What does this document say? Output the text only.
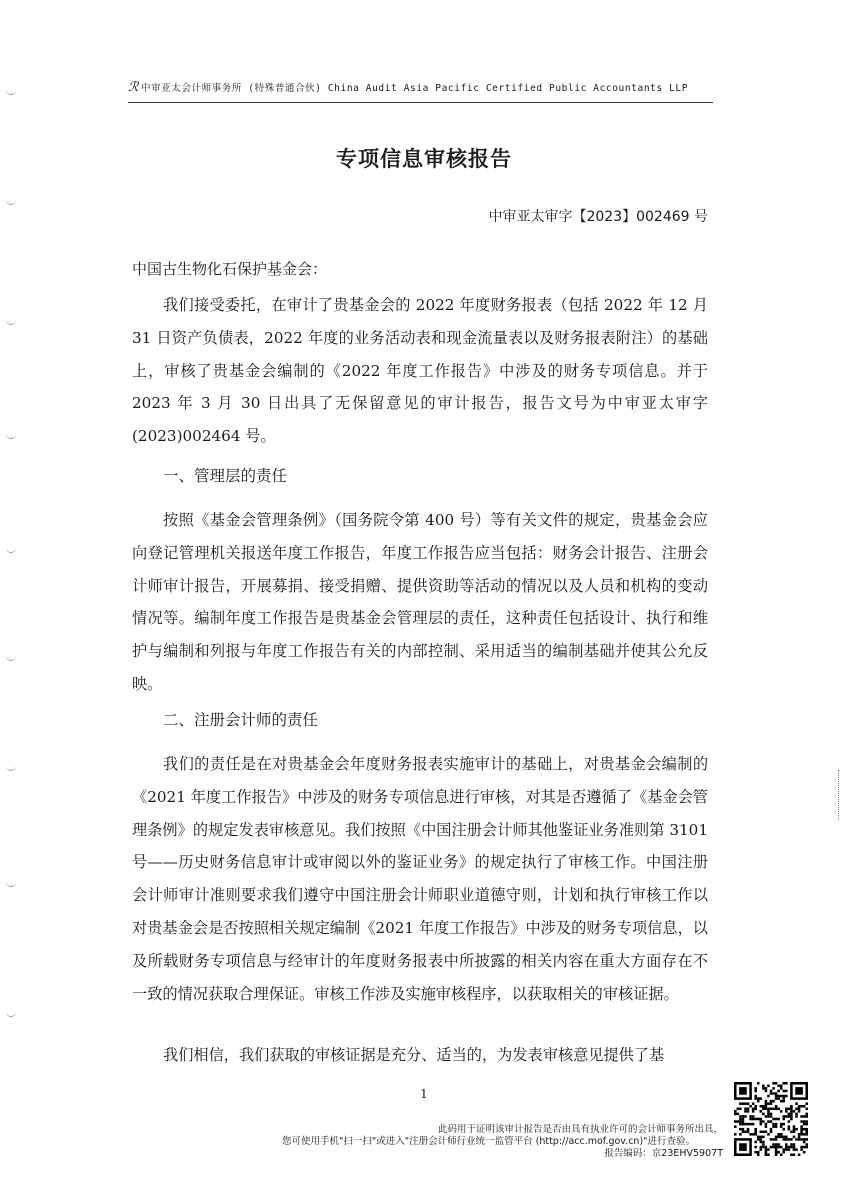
ℛ 中审亚太会计师事务所 (特殊普通合伙) China Audit Asia Pacific Certified Public Accountants LLP
专项信息审核报告
中审亚太审字【2023】002469 号
中国古生物化石保护基金会：

我们接受委托，在审计了贵基金会的 2022 年度财务报表（包括 2022 年 12 月 31 日资产负债表，2022 年度的业务活动表和现金流量表以及财务报表附注）的基础上，审核了贵基金会编制的《2022 年度工作报告》中涉及的财务专项信息。并于 2023 年 3 月 30 日出具了无保留意见的审计报告，报告文号为中审亚太审字 (2023)002464 号。

一、管理层的责任

按照《基金会管理条例》（国务院令第 400 号）等有关文件的规定，贵基金会应向登记管理机关报送年度工作报告，年度工作报告应当包括：财务会计报告、注册会计师审计报告，开展募捐、接受捐赠、提供资助等活动的情况以及人员和机构的变动情况等。编制年度工作报告是贵基金会管理层的责任，这种责任包括设计、执行和维护与编制和列报与年度工作报告有关的内部控制、采用适当的编制基础并使其公允反映。

二、注册会计师的责任

我们的责任是在对贵基金会年度财务报表实施审计的基础上，对贵基金会编制的《2021 年度工作报告》中涉及的财务专项信息进行审核，对其是否遵循了《基金会管理条例》的规定发表审核意见。我们按照《中国注册会计师其他鉴证业务准则第 3101 号——历史财务信息审计或审阅以外的鉴证业务》的规定执行了审核工作。中国注册会计师审计准则要求我们遵守中国注册会计师职业道德守则，计划和执行审核工作以对贵基金会是否按照相关规定编制《2021 年度工作报告》中涉及的财务专项信息，以及所载财务专项信息与经审计的年度财务报表中所披露的相关内容在重大方面存在不一致的情况获取合理保证。审核工作涉及实施审核程序，以获取相关的审核证据。

我们相信，我们获取的审核证据是充分、适当的，为发表审核意见提供了基

1
此码用于证明该审计报告是否由具有执业许可的会计师事务所出具，
您可使用手机"扫一扫"或进入"注册会计师行业统一监管平台 (http://acc.mof.gov.cn)"进行查验。
报告编码：京23EHV5907T
